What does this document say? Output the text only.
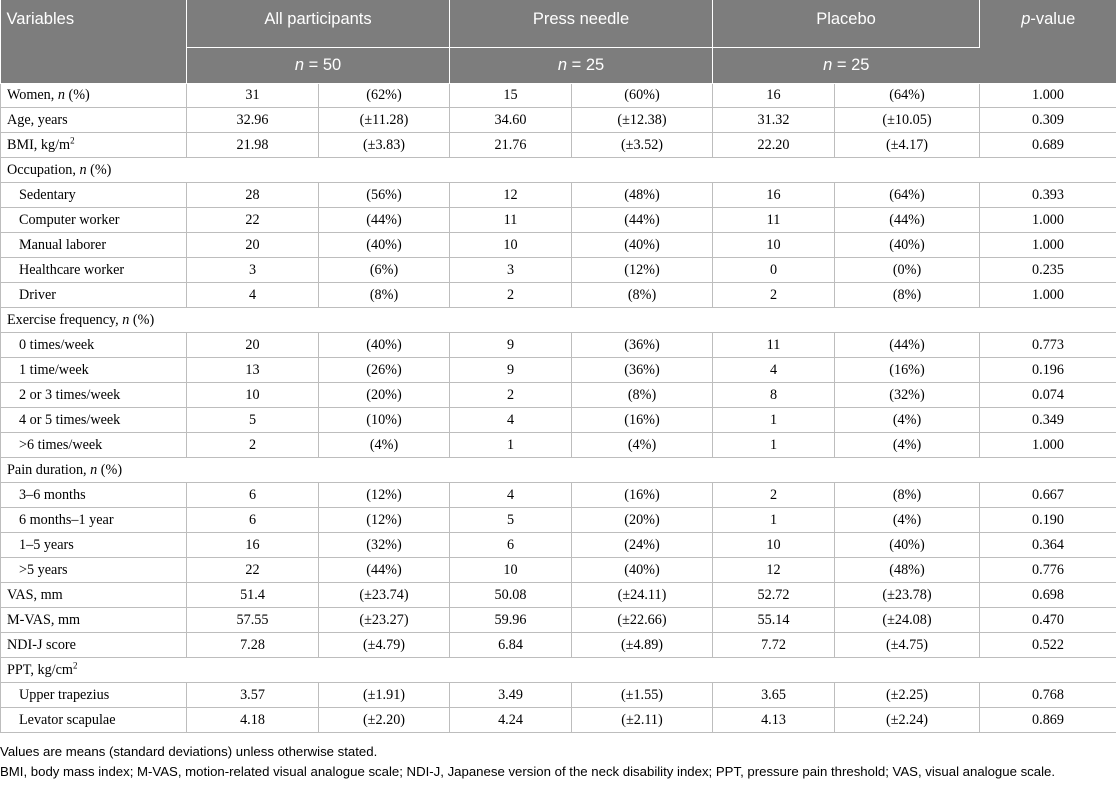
Variables	All participants		Press needle		Placebo		p-value
	n = 50		n = 25		n = 25		
Women, n (%)	31	(62%)	15	(60%)	16	(64%)	1.000
Age, years	32.96	(±11.28)	34.60	(±12.38)	31.32	(±10.05)	0.309
BMI, $kg/m^2$	21.98	(±3.83)	21.76	(±3.52)	22.20	(±4.17)	0.689
Occupation, n (%)							
Sedentary	28	(56%)	12	(48%)	16	(64%)	0.393
Computer worker	22	(44%)	11	(44%)	11	(44%)	1.000
Manual laborer	20	(40%)	10	(40%)	10	(40%)	1.000
Healthcare worker	3	(6%)	3	(12%)	0	(0%)	0.235
Driver	4	(8%)	2	(8%)	2	(8%)	1.000
Exercise frequency, n (%)							
0 times/week	20	(40%)	9	(36%)	11	(44%)	0.773
1 time/week	13	(26%)	9	(36%)	4	(16%)	0.196
2 or 3 times/week	10	(20%)	2	(8%)	8	(32%)	0.074
4 or 5 times/week	5	(10%)	4	(16%)	1	(4%)	0.349
>6 times/week	2	(4%)	1	(4%)	1	(4%)	1.000
Pain duration, n (%)							
3–6 months	6	(12%)	4	(16%)	2	(8%)	0.667
6 months–1 year	6	(12%)	5	(20%)	1	(4%)	0.190
1–5 years	16	(32%)	6	(24%)	10	(40%)	0.364
>5 years	22	(44%)	10	(40%)	12	(48%)	0.776
VAS, mm	51.4	(±23.74)	50.08	(±24.11)	52.72	(±23.78)	0.698
M-VAS, mm	57.55	(±23.27)	59.96	(±22.66)	55.14	(±24.08)	0.470
NDI-J score	7.28	(±4.79)	6.84	(±4.89)	7.72	(±4.75)	0.522
PPT, $kg/cm^2$
Upper trapezius	3.57	(±1.91)	3.49	(±1.55)	3.65	(±2.25)	0.768
Levator scapulae	4.18	(±2.20)	4.24	(±2.11)	4.13	(±2.24)	0.869

Values are means (standard deviations) unless otherwise stated.

BMI, body mass index; M-VAS, motion-related visual analogue scale; NDI-J, Japanese version of the neck disability index; PPT, pressure pain threshold; VAS, visual analogue scale.
